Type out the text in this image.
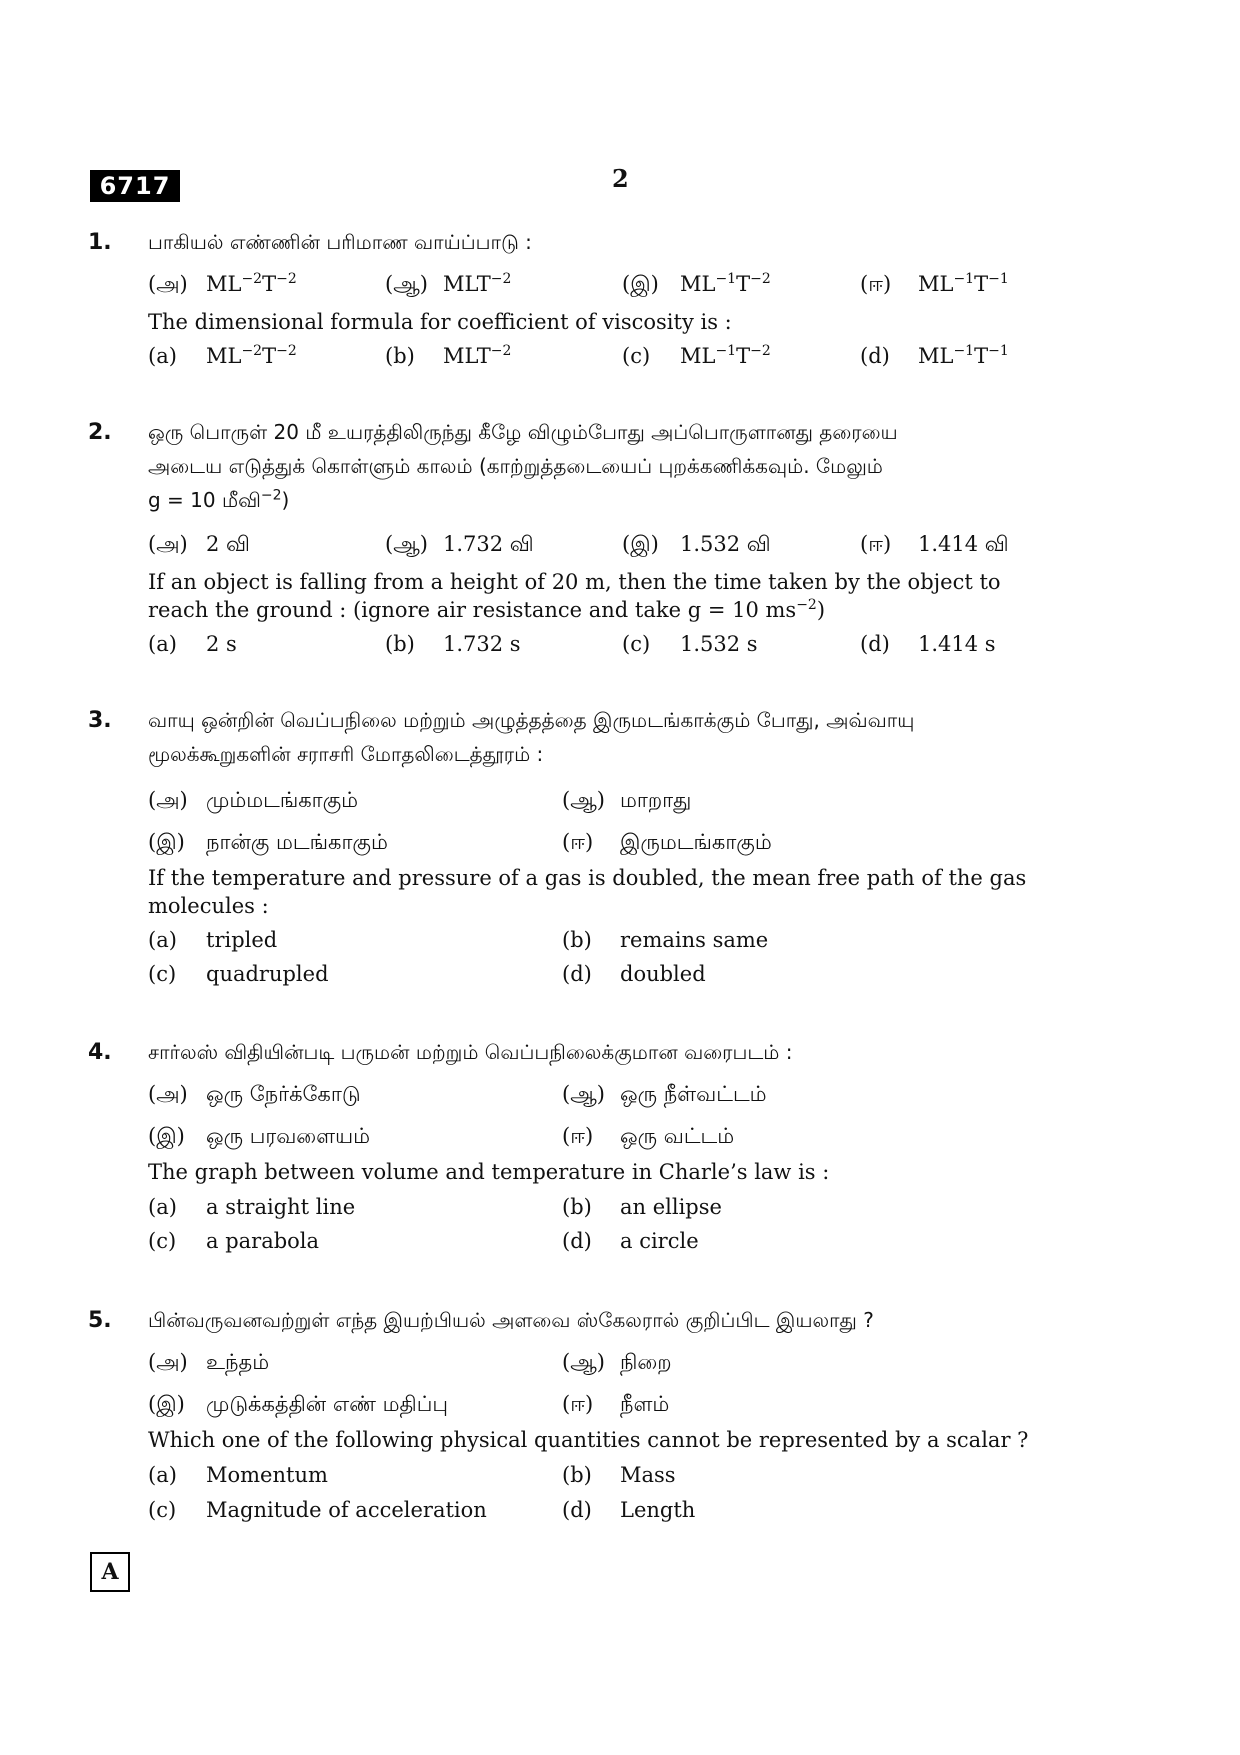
6717	2
1. பாகியல் எண்ணின் பரிமாண வாய்ப்பாடு :
(அ) $ML^{-2}T^{-2}$	(ஆ) $MLT^{-2}$	(இ) $ML^{-1}T^{-2}$	(ஈ) $ML^{-1}T^{-1}$
The dimensional formula for coefficient of viscosity is :
(a) $ML^{-2}T^{-2}$	(b) $MLT^{-2}$	(c) $ML^{-1}T^{-2}$	(d) $ML^{-1}T^{-1}$
2. ஒரு பொருள் 20 மீ உயரத்திலிருந்து கீழே விழும்போது அப்பொருளானது தரையை
அடைய எடுத்துக் கொள்ளும் காலம் (காற்றுத்தடையைப் புறக்கணிக்கவும். மேலும்
g = 10 மீவி$^{-2}$)
(அ) 2 வி	(ஆ) 1.732 வி	(இ) 1.532 வி	(ஈ) 1.414 வி
If an object is falling from a height of 20 m, then the time taken by the object to
reach the ground : (ignore air resistance and take g = 10 $ms^{-2}$)
(a) 2 s	(b) 1.732 s	(c) 1.532 s	(d) 1.414 s
3. வாயு ஒன்றின் வெப்பநிலை மற்றும் அழுத்தத்தை இருமடங்காக்கும் போது, அவ்வாயு
மூலக்கூறுகளின் சராசரி மோதலிடைத்தூரம் :
(அ) மும்மடங்காகும்	(ஆ) மாறாது
(இ) நான்கு மடங்காகும்	(ஈ) இருமடங்காகும்
If the temperature and pressure of a gas is doubled, the mean free path of the gas
molecules :
(a) tripled	(b) remains same
(c) quadrupled	(d) doubled
4. சார்லஸ் விதியின்படி பருமன் மற்றும் வெப்பநிலைக்குமான வரைபடம் :
(அ) ஒரு நேர்க்கோடு	(ஆ) ஒரு நீள்வட்டம்
(இ) ஒரு பரவளையம்	(ஈ) ஒரு வட்டம்
The graph between volume and temperature in Charle’s law is :
(a) a straight line	(b) an ellipse
(c) a parabola	(d) a circle
5. பின்வருவனவற்றுள் எந்த இயற்பியல் அளவை ஸ்கேலரால் குறிப்பிட இயலாது ?
(அ) உந்தம்	(ஆ) நிறை
(இ) முடுக்கத்தின் எண் மதிப்பு	(ஈ) நீளம்
Which one of the following physical quantities cannot be represented by a scalar ?
(a) Momentum	(b) Mass
(c) Magnitude of acceleration	(d) Length
A
